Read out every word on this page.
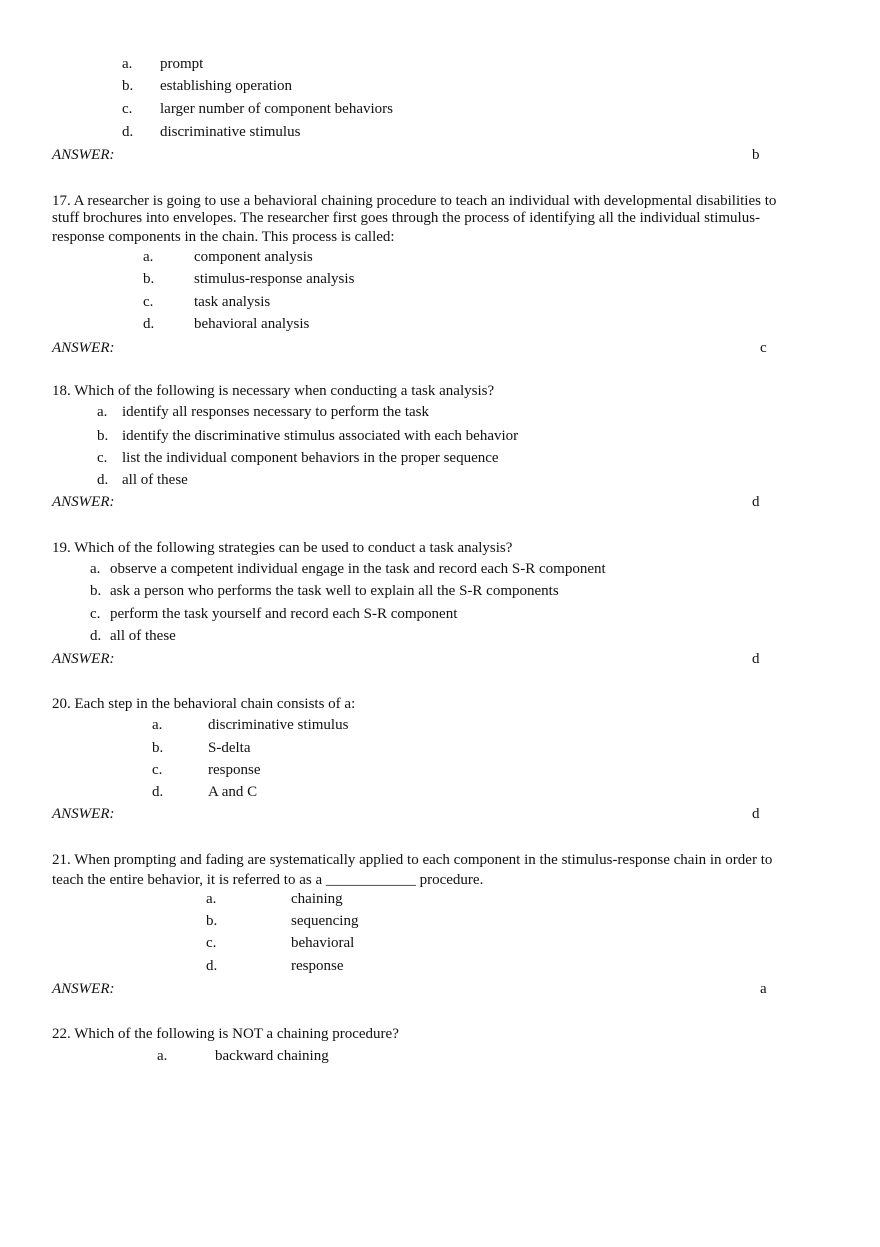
a. prompt
b. establishing operation
c. larger number of component behaviors
d. discriminative stimulus
ANSWER:	b
17. A researcher is going to use a behavioral chaining procedure to teach an individual with developmental disabilities to
stuff brochures into envelopes. The researcher first goes through the process of identifying all the individual stimulus-
response components in the chain. This process is called:
a.	component analysis
b.	stimulus-response analysis
c.	task analysis
d.	behavioral analysis
ANSWER:	c
18. Which of the following is necessary when conducting a task analysis?
a. identify all responses necessary to perform the task
b. identify the discriminative stimulus associated with each behavior
c. list the individual component behaviors in the proper sequence
d. all of these
ANSWER:	d
19. Which of the following strategies can be used to conduct a task analysis?
a. observe a competent individual engage in the task and record each S-R component
b. ask a person who performs the task well to explain all the S-R components
c. perform the task yourself and record each S-R component
d. all of these
ANSWER:	d
20. Each step in the behavioral chain consists of a:
a.	discriminative stimulus
b.	S-delta
c.	response
d.	A and C
ANSWER:	d
21. When prompting and fading are systematically applied to each component in the stimulus-response chain in order to
teach the entire behavior, it is referred to as a ____________ procedure.
a.	chaining
b.	sequencing
c.	behavioral
d.	response
ANSWER:	a
22. Which of the following is NOT a chaining procedure?
a.	backward chaining
